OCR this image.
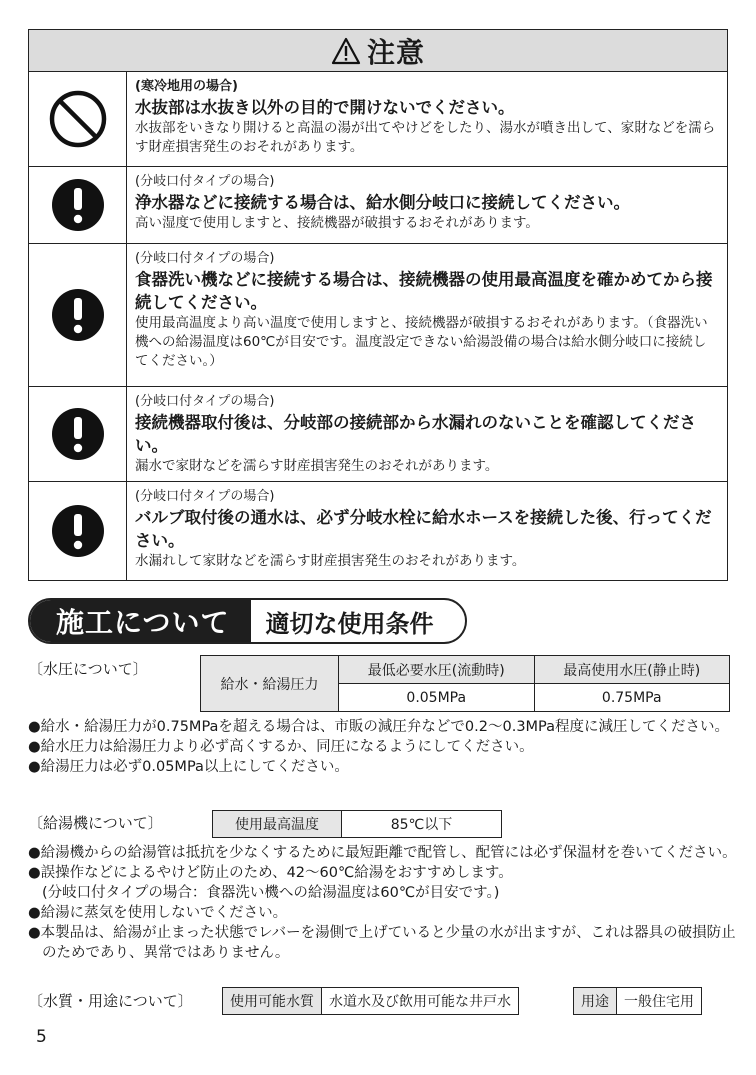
注意
(寒冷地用の場合)
水抜部は水抜き以外の目的で開けないでください。
水抜部をいきなり開けると高温の湯が出てやけどをしたり、湯水が噴き出して、家財などを濡らす財産損害発生のおそれがあります。
(分岐口付タイプの場合)
浄水器などに接続する場合は、給水側分岐口に接続してください。
高い湿度で使用しますと、接続機器が破損するおそれがあります。
(分岐口付タイプの場合)
食器洗い機などに接続する場合は、接続機器の使用最高温度を確かめてから接続してください。
使用最高温度より高い温度で使用しますと、接続機器が破損するおそれがあります。（食器洗い機への給湯温度は60℃が目安です。温度設定できない給湯設備の場合は給水側分岐口に接続してください。）
(分岐口付タイプの場合)
接続機器取付後は、分岐部の接続部から水漏れのないことを確認してください。
漏水で家財などを濡らす財産損害発生のおそれがあります。
(分岐口付タイプの場合)
バルブ取付後の通水は、必ず分岐水栓に給水ホースを接続した後、行ってください。
水漏れして家財などを濡らす財産損害発生のおそれがあります。
施工について	適切な使用条件
〔水圧について〕
給水・給湯圧力	最低必要水圧(流動時)	最高使用水圧(静止時)
	0.05MPa	0.75MPa

●給水・給湯圧力が0.75MPaを超える場合は、市販の減圧弁などで0.2～0.3MPa程度に減圧してください。

●給水圧力は給湯圧力より必ず高くするか、同圧になるようにしてください。

●給湯圧力は必ず0.05MPa以上にしてください。

〔給湯機について〕	使用最高温度	85℃以下

●給湯機からの給湯管は抵抗を少なくするために最短距離で配管し、配管には必ず保温材を巻いてください。

●誤操作などによるやけど防止のため、42～60℃給湯をおすすめします。

(分岐口付タイプの場合：食器洗い機への給湯温度は60℃が目安です。)

●給湯に蒸気を使用しないでください。

●本製品は、給湯が止まった状態でレバーを湯側で上げていると少量の水が出ますが、これは器具の破損防止のためであり、異常ではありません。

〔水質・用途について〕	使用可能水質	水道水及び飲用可能な井戸水	用途	一般住宅用
5
